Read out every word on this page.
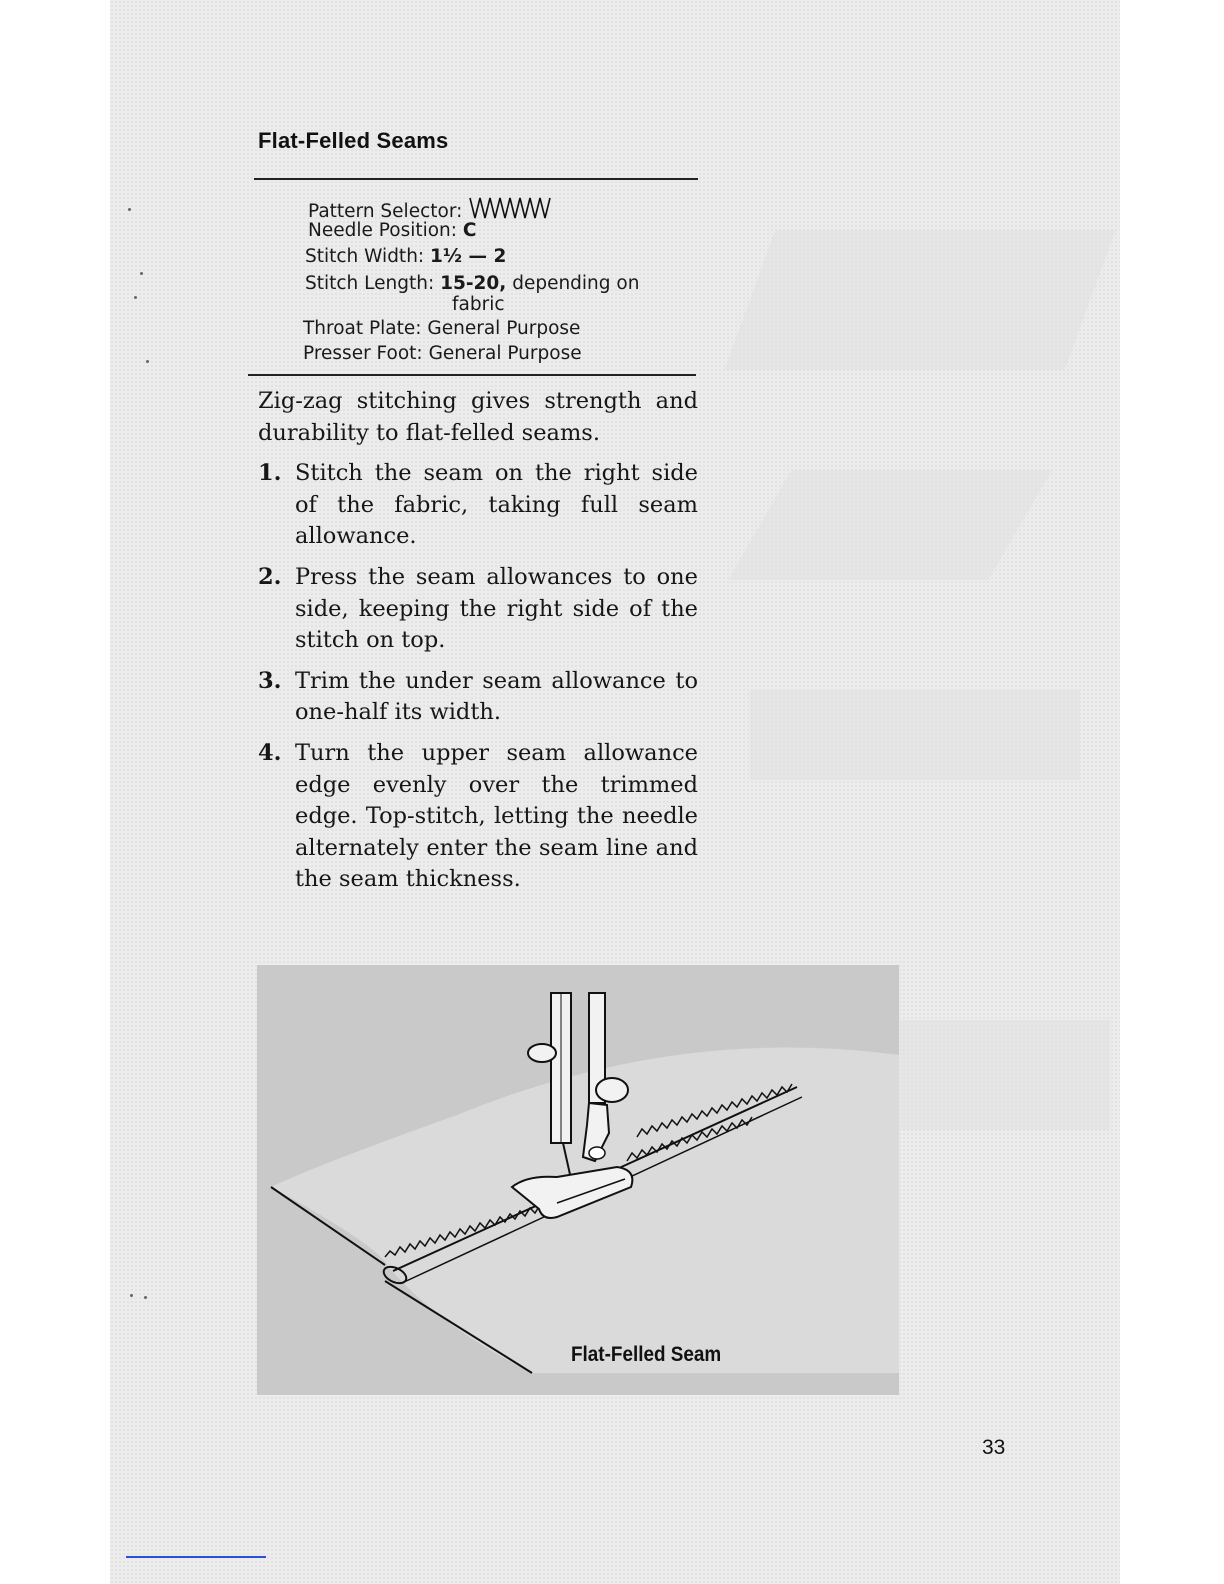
Flat-Felled Seams
Pattern Selector:
Needle Position: C
Stitch Width: 1½ — 2
Stitch Length: 15-20, depending on
fabric
Throat Plate: General Purpose
Presser Foot: General Purpose

Zig-zag stitching gives strength and durability to flat-felled seams.

1. Stitch the seam on the right side of the fabric, taking full seam allowance.
2. Press the seam allowances to one side, keeping the right side of the stitch on top.
3. Trim the under seam allowance to one-half its width.
4. Turn the upper seam allowance edge evenly over the trimmed edge. Top-stitch, letting the needle alternately enter the seam line and the seam thickness.
Flat-Felled Seam
33
